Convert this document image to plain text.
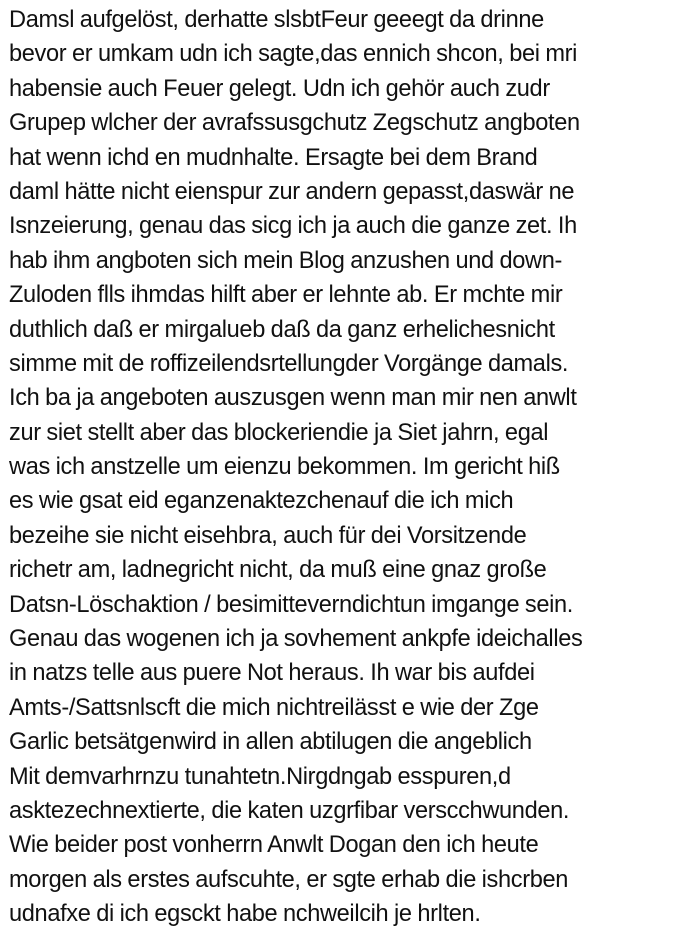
Damsl aufgelöst, derhatte slsbtFeur geeegt da drinne
bevor er umkam udn ich sagte,das ennich shcon, bei mri
habensie auch Feuer gelegt. Udn ich gehör auch zudr
Grupep wlcher der avrafssusgchutz Zegschutz angboten
hat wenn ichd en mudnhalte. Ersagte bei dem Brand
daml hätte nicht eienspur zur andern gepasst,daswär ne
Isnzeierung, genau das sicg ich ja auch die ganze zet. Ih
hab ihm angboten sich mein Blog anzushen und down-
Zuloden flls ihmdas hilft aber er lehnte ab. Er mchte mir
duthlich daß er mirgalueb daß da ganz erhelichesnicht
simme mit de roffizeilendsrtellungder Vorgänge damals.
Ich ba ja angeboten auszusgen wenn man mir nen anwlt
zur siet stellt aber das blockeriendie ja Siet jahrn, egal
was ich anstzelle um eienzu bekommen. Im gericht hiß
es wie gsat eid eganzenaktezchenauf die ich mich
bezeihe sie nicht eisehbra, auch für dei Vorsitzende
richetr am, ladnegricht nicht, da muß eine gnaz große
Datsn-Löschaktion / besimitteverndichtun imgange sein.
Genau das wogenen ich ja sovhement ankpfe ideichalles
in natzs telle aus puere Not heraus. Ih war bis aufdei
Amts-/Sattsnlscft die mich nichtreilässt e wie der Zge
Garlic betsätgenwird in allen abtilugen die angeblich
Mit demvarhrnzu tunahtetn.Nirgdngab esspuren,d
asktezechnextierte, die katen uzgrfibar verscchwunden.
Wie beider post vonherrn Anwlt Dogan den ich heute
morgen als erstes aufscuhte, er sgte erhab die ishcrben
udnafxe di ich egsckt habe nchweilcih je hrlten.
